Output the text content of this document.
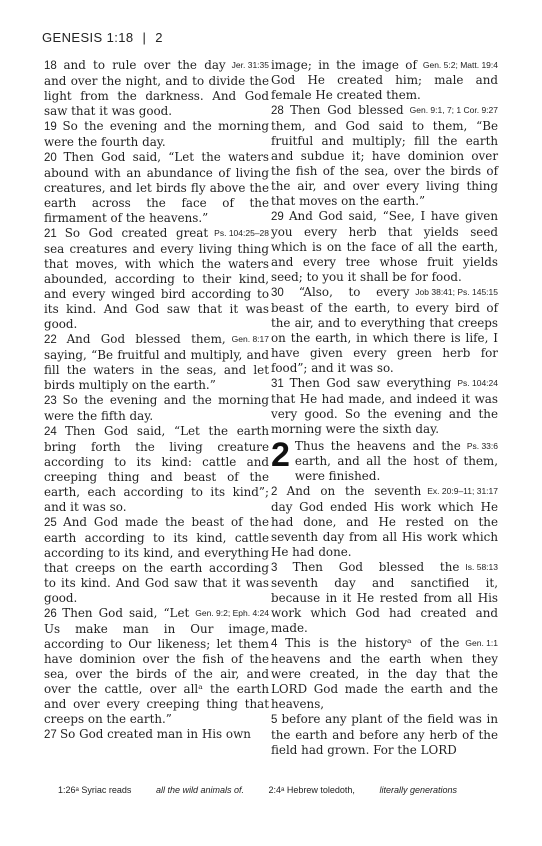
GENESIS 1:18 | 2

Jer. 31:35
18 and to rule over the day and over the night, and to divide the light from the darkness. And God saw that it was good.

19 So the evening and the morning were the fourth day.

20 Then God said, “Let the waters abound with an abundance of living creatures, and let birds fly above the earth across the face of the firmament of the heavens.”

Ps. 104:25–28
21 So God created great sea creatures and every living thing that moves, with which the waters abounded, according to their kind, and every winged bird according to its kind. And God saw that it was good.

Gen. 8:17
22 And God blessed them, saying, “Be fruitful and multiply, and fill the waters in the seas, and let birds multiply on the earth.”

23 So the evening and the morning were the fifth day.

24 Then God said, “Let the earth bring forth the living creature according to its kind: cattle and creeping thing and beast of the earth, each according to its kind”; and it was so.

25 And God made the beast of the earth according to its kind, cattle according to its kind, and everything that creeps on the earth according to its kind. And God saw that it was good.

Gen. 9:2; Eph. 4:24
26 Then God said, “Let Us make man in Our image, according to Our likeness; let them have dominion over the fish of the sea, over the birds of the air, and over the cattle, over allᵃ the earth and over every creeping thing that creeps on the earth.”

27 So God created man in His own

Gen. 5:2; Matt. 19:4
image; in the image of God He created him; male and female He created them.

Gen. 9:1, 7; 1 Cor. 9:27
28 Then God blessed them, and God said to them, “Be fruitful and multiply; fill the earth and subdue it; have dominion over the fish of the sea, over the birds of the air, and over every living thing that moves on the earth.”

29 And God said, “See, I have given you every herb that yields seed which is on the face of all the earth, and every tree whose fruit yields seed; to you it shall be for food.

Job 38:41; Ps. 145:15
30 “Also, to every beast of the earth, to every bird of the air, and to everything that creeps on the earth, in which there is life, I have given every green herb for food”; and it was so.

Ps. 104:24
31 Then God saw everything that He had made, and indeed it was very good. So the evening and the morning were the sixth day.

2	Ps. 33:6
Thus the heavens and the earth, and all the host of them, were finished.

Ex. 20:9–11; 31:17
2 And on the seventh day God ended His work which He had done, and He rested on the seventh day from all His work which He had done.

Is. 58:13
3 Then God blessed the seventh day and sanctified it, because in it He rested from all His work which God had created and made.

Gen. 1:1
4 This is the historyᵃ of the heavens and the earth when they were created, in the day that the LORD God made the earth and the heavens,

5 before any plant of the field was in the earth and before any herb of the field had grown. For the LORD

1:26ᵃ Syriac reads	all the wild animals of.	2:4ᵃ Hebrew toledoth,	literally generations
